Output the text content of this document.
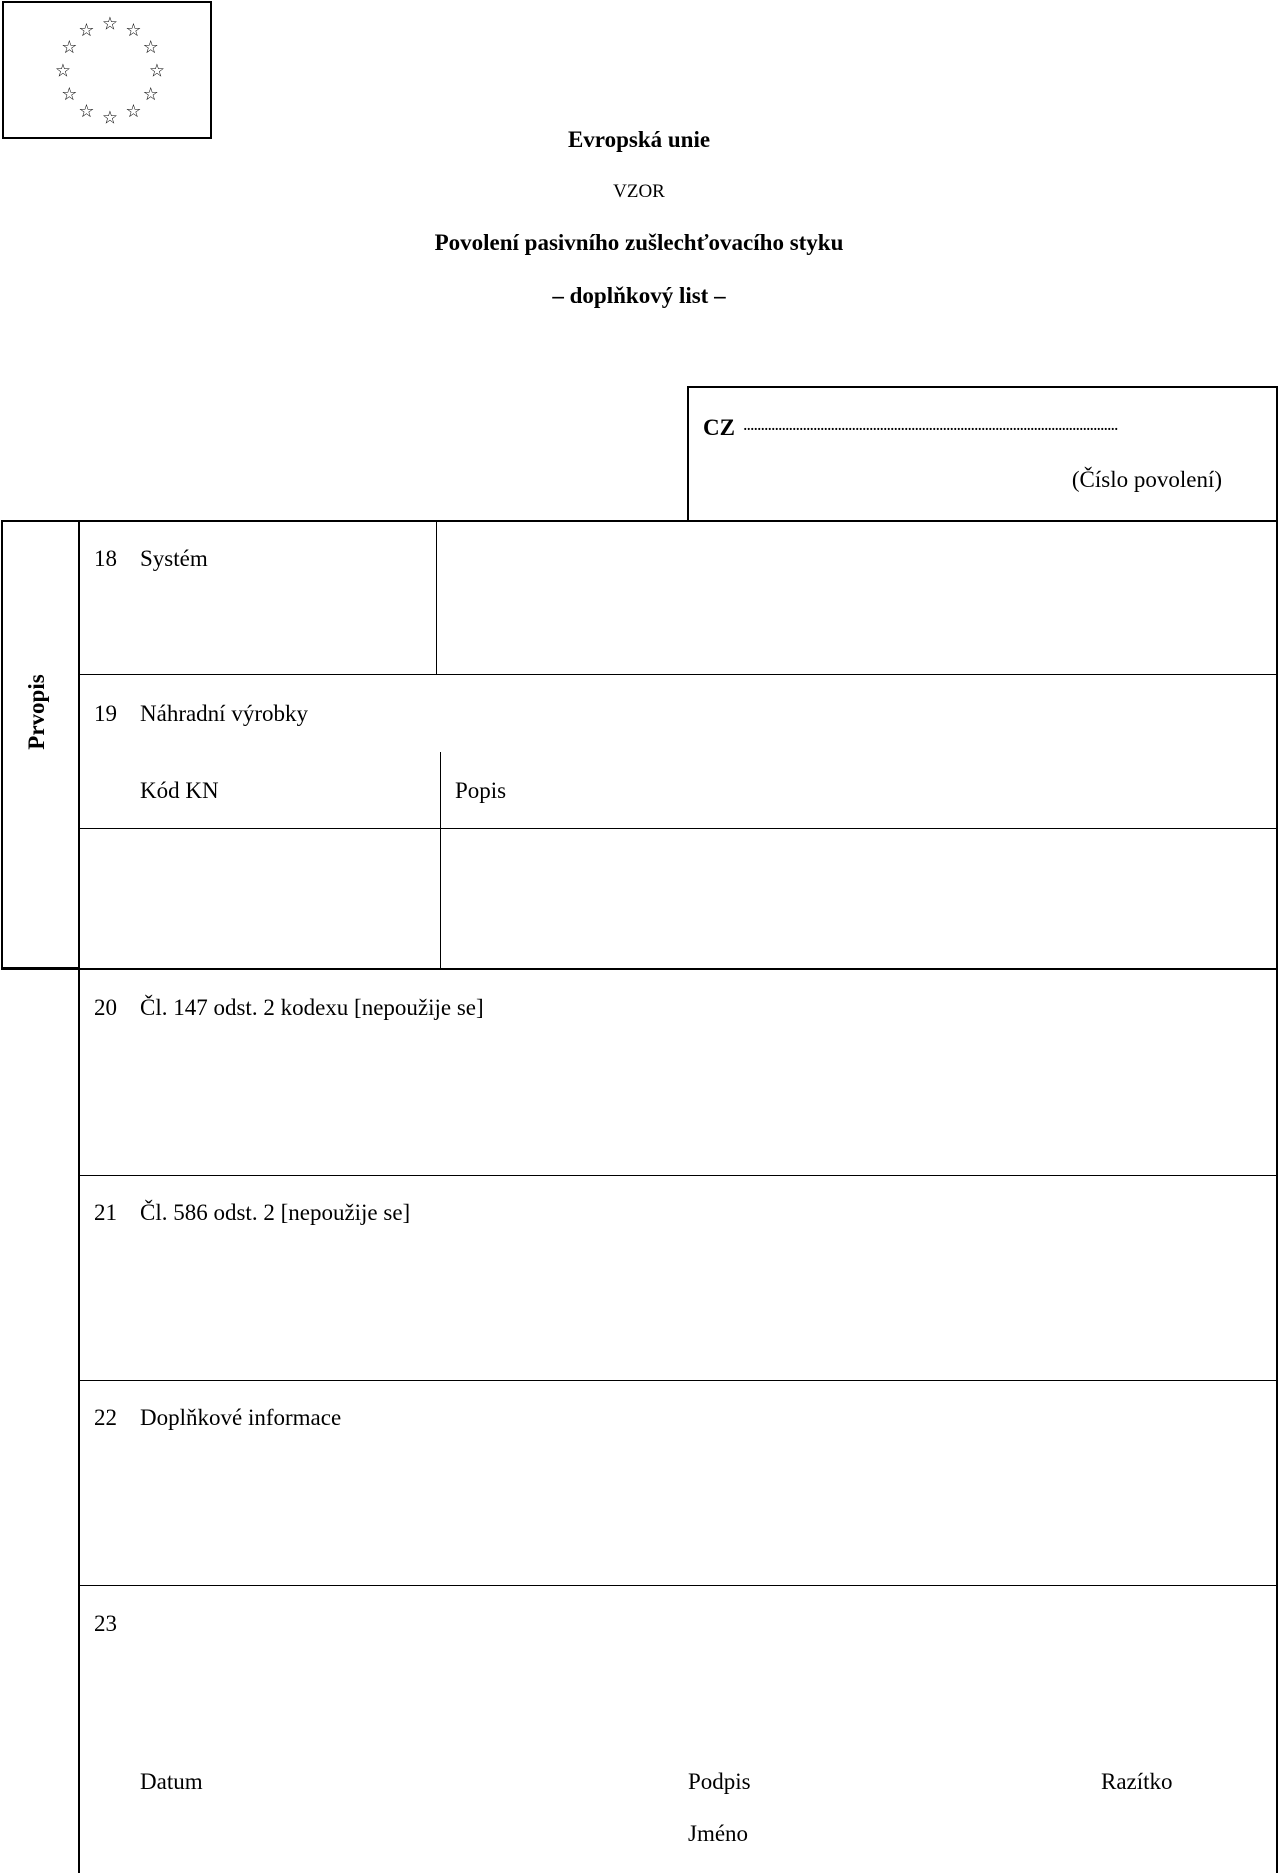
☆ ☆
☆
☆
☆
☆
☆
☆
☆
☆
☆
☆
Evropská unie
VZOR
Povolení pasivního zušlechťovacího styku
– doplňkový list –
CZ ...........................................................................................................
(Číslo povolení)
Prvopis
18 Systém
19 Náhradní výrobky
Kód KN	Popis
20 Čl. 147 odst. 2 kodexu [nepoužije se]
21 Čl. 586 odst. 2 [nepoužije se]
22 Doplňkové informace
23
Datum	Podpis	Razítko
Jméno
